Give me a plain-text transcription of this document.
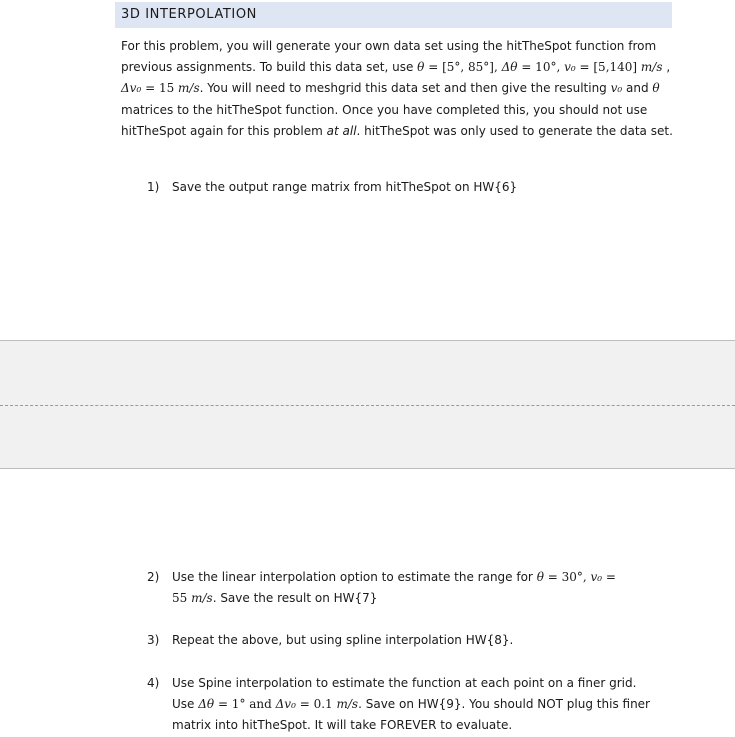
3D INTERPOLATION

For this problem, you will generate your own data set using the hitTheSpot function from previous assignments. To build this data set, use θ = [5°, 85°], Δθ = 10°, v₀ = [5,140] m/s , Δv₀ = 15 m/s. You will need to meshgrid this data set and then give the resulting v₀ and θ matrices to the hitTheSpot function. Once you have completed this, you should not use hitTheSpot again for this problem at all. hitTheSpot was only used to generate the data set.

1) Save the output range matrix from hitTheSpot on HW{6}
2) Use the linear interpolation option to estimate the range for θ = 30°, v₀ =
55 m/s. Save the result on HW{7}
3) Repeat the above, but using spline interpolation HW{8}.
4) Use Spine interpolation to estimate the function at each point on a finer grid.
Use Δθ = 1° and Δv₀ = 0.1 m/s. Save on HW{9}. You should NOT plug this finer matrix into hitTheSpot. It will take FOREVER to evaluate.
